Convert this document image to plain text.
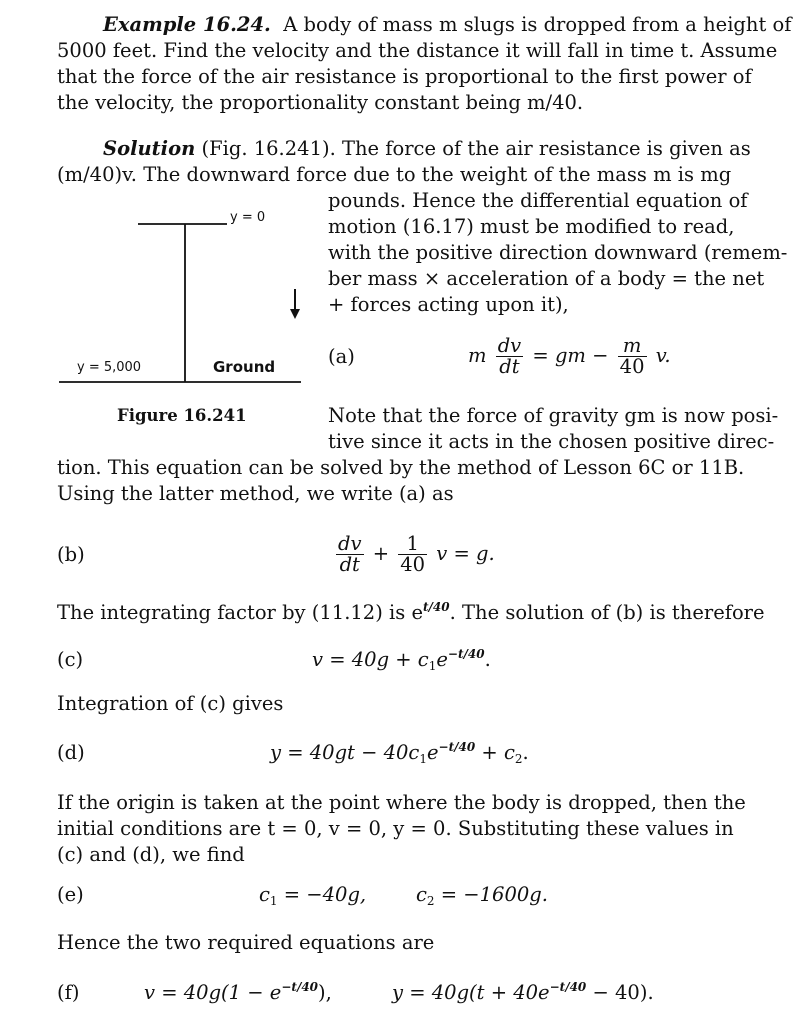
Example 16.24. A body of mass m slugs is dropped from a height of
5000 feet. Find the velocity and the distance it will fall in time t. Assume
that the force of the air resistance is proportional to the first power of
the velocity, the proportionality constant being m/40.
Solution (Fig. 16.241). The force of the air resistance is given as
(m/40)v. The downward force due to the weight of the mass m is mg
pounds. Hence the differential equation of
motion (16.17) must be modified to read,
with the positive direction downward (remem-
ber mass × acceleration of a body = the net
+ forces acting upon it),
y = 0
y = 5,000	Ground
Figure 16.241
(a)	m $\frac{dv}{dt}$ = gm − $\frac{m}{40} v$.
Note that the force of gravity gm is now posi-
tive since it acts in the chosen positive direc-
tion. This equation can be solved by the method of Lesson 6C or 11B.
Using the latter method, we write (a) as
(b)	$\frac{dv}{dt} + \frac{1}{40}$ v = g.
The integrating factor by (11.12) is $e^{t/40}$. The solution of (b) is therefore
(c)	$v = 40g + c_1e^{-t/40}$.
Integration of (c) gives
(d)	$y = 40gt - 40c_1e^{-t/40} + c_2$.
If the origin is taken at the point where the body is dropped, then the
initial conditions are t = 0, v = 0, y = 0. Substituting these values in
(c) and (d), we find
(e)	$c_1 = -40g$,	$c_2 = -1600g$.
Hence the two required equations are
(f)	$v = 40g(1 - e^{-t/40})$,	$y = 40g(t + 40e^{-t/40} - 40)$.
